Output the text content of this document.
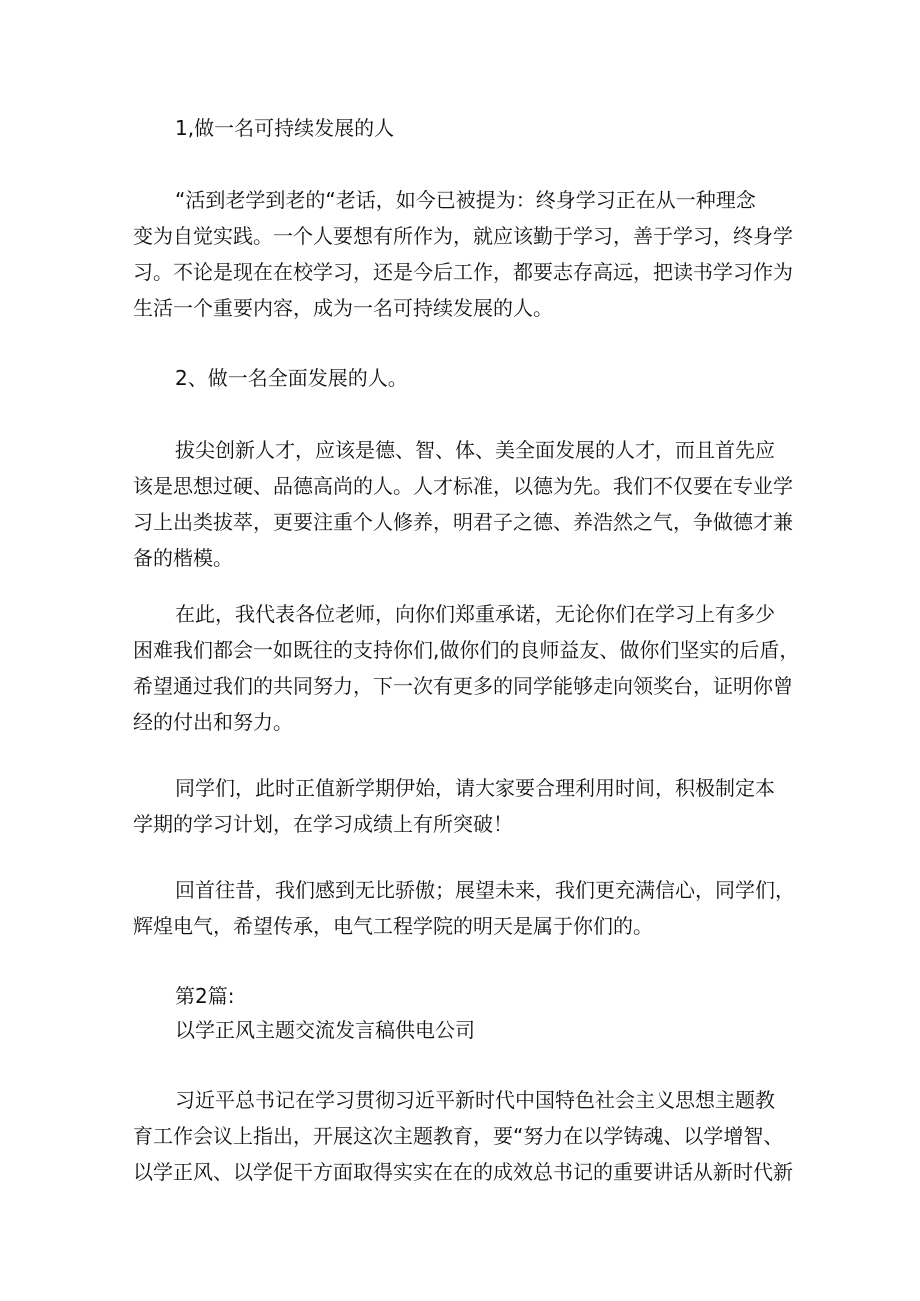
1,做一名可持续发展的人

“活到老学到老的“老话，如今已被提为：终身学习正在从一种理念
变为自觉实践。一个人要想有所作为，就应该勤于学习，善于学习，终身学
习。不论是现在在校学习，还是今后工作，都要志存高远，把读书学习作为
生活一个重要内容，成为一名可持续发展的人。

2、做一名全面发展的人。

拔尖创新人才，应该是德、智、体、美全面发展的人才，而且首先应
该是思想过硬、品德高尚的人。人才标准，以德为先。我们不仅要在专业学
习上出类拔萃，更要注重个人修养，明君子之德、养浩然之气，争做德才兼
备的楷模。
在此，我代表各位老师，向你们郑重承诺，无论你们在学习上有多少
困难我们都会一如既往的支持你们,做你们的良师益友、做你们坚实的后盾，
希望通过我们的共同努力，下一次有更多的同学能够走向领奖台，证明你曾
经的付出和努力。
同学们，此时正值新学期伊始，请大家要合理利用时间，积极制定本
学期的学习计划，在学习成绩上有所突破！
回首往昔，我们感到无比骄傲；展望未来，我们更充满信心，同学们，
辉煌电气，希望传承，电气工程学院的明天是属于你们的。

第2篇:

以学正风主题交流发言稿供电公司

习近平总书记在学习贯彻习近平新时代中国特色社会主义思想主题教
育工作会议上指出，开展这次主题教育，要“努力在以学铸魂、以学增智、
以学正风、以学促干方面取得实实在在的成效总书记的重要讲话从新时代新
